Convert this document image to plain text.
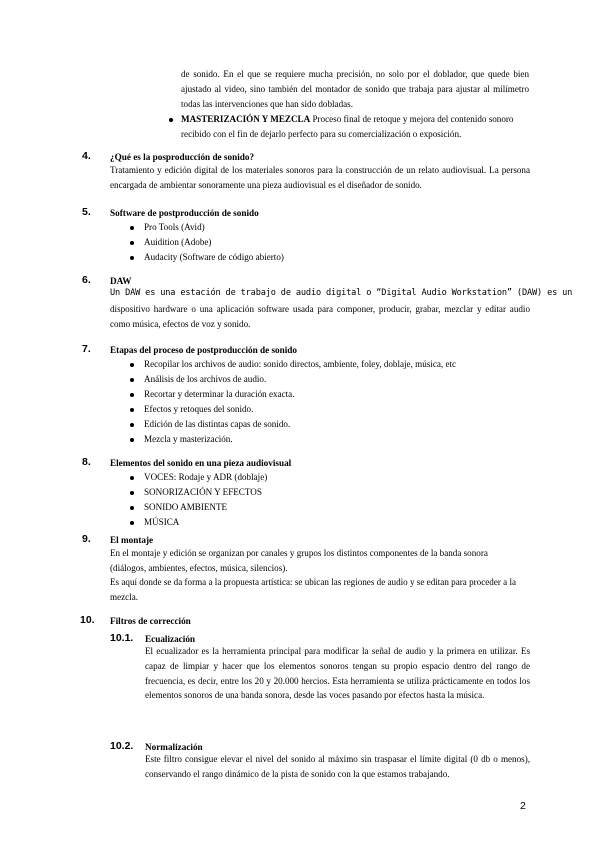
de sonido. En el que se requiere mucha precisión, no solo por el doblador, que quede bien ajustado al video, sino también del montador de sonido que trabaja para ajustar al milímetro todas las intervenciones que han sido dobladas.
MASTERIZACIÓN Y MEZCLA Proceso final de retoque y mejora del contenido sonoro recibido con el fin de dejarlo perfecto para su comercialización o exposición.
4. ¿Qué es la posproducción de sonido?
Tratamiento y edición digital de los materiales sonoros para la construcción de un relato audiovisual. La persona encargada de ambientar sonoramente una pieza audiovisual es el diseñador de sonido.
5. Software de postproducción de sonido
Pro Tools (Avid)
Auidition (Adobe)
Audacity (Software de código abierto)
6. DAW
Un DAW es una estación de trabajo de audio digital o “Digital Audio Workstation” (DAW) es un
dispositivo hardware o una aplicación software usada para componer, producir, grabar, mezclar y editar audio como música, efectos de voz y sonido.
7. Etapas del proceso de postproducción de sonido
Recopilar los archivos de audio: sonido directos, ambiente, foley, doblaje, música, etc
Análisis de los archivos de audio.
Recortar y determinar la duración exacta.
Efectos y retoques del sonido.
Edición de las distintas capas de sonido.
Mezcla y masterización.
8. Elementos del sonido en una pieza audiovisual
VOCES: Rodaje y ADR (doblaje)
SONORIZACIÓN Y EFECTOS
SONIDO AMBIENTE
MÚSICA
9. El montaje
En el montaje y edición se organizan por canales y grupos los distintos componentes de la banda sonora (diálogos, ambientes, efectos, música, silencios).
Es aquí donde se da forma a la propuesta artística: se ubican las regiones de audio y se editan para proceder a la mezcla.
10. Filtros de corrección
10.1. Ecualización
El ecualizador es la herramienta principal para modificar la señal de audio y la primera en utilizar. Es capaz de limpiar y hacer que los elementos sonoros tengan su propio espacio dentro del rango de frecuencia, es decir, entre los 20 y 20.000 hercios. Esta herramienta se utiliza prácticamente en todos los elementos sonoros de una banda sonora, desde las voces pasando por efectos hasta la música.
10.2. Normalización
Este filtro consigue elevar el nivel del sonido al máximo sin traspasar el límite digital (0 db o menos), conservando el rango dinámico de la pista de sonido con la que estamos trabajando.
2
